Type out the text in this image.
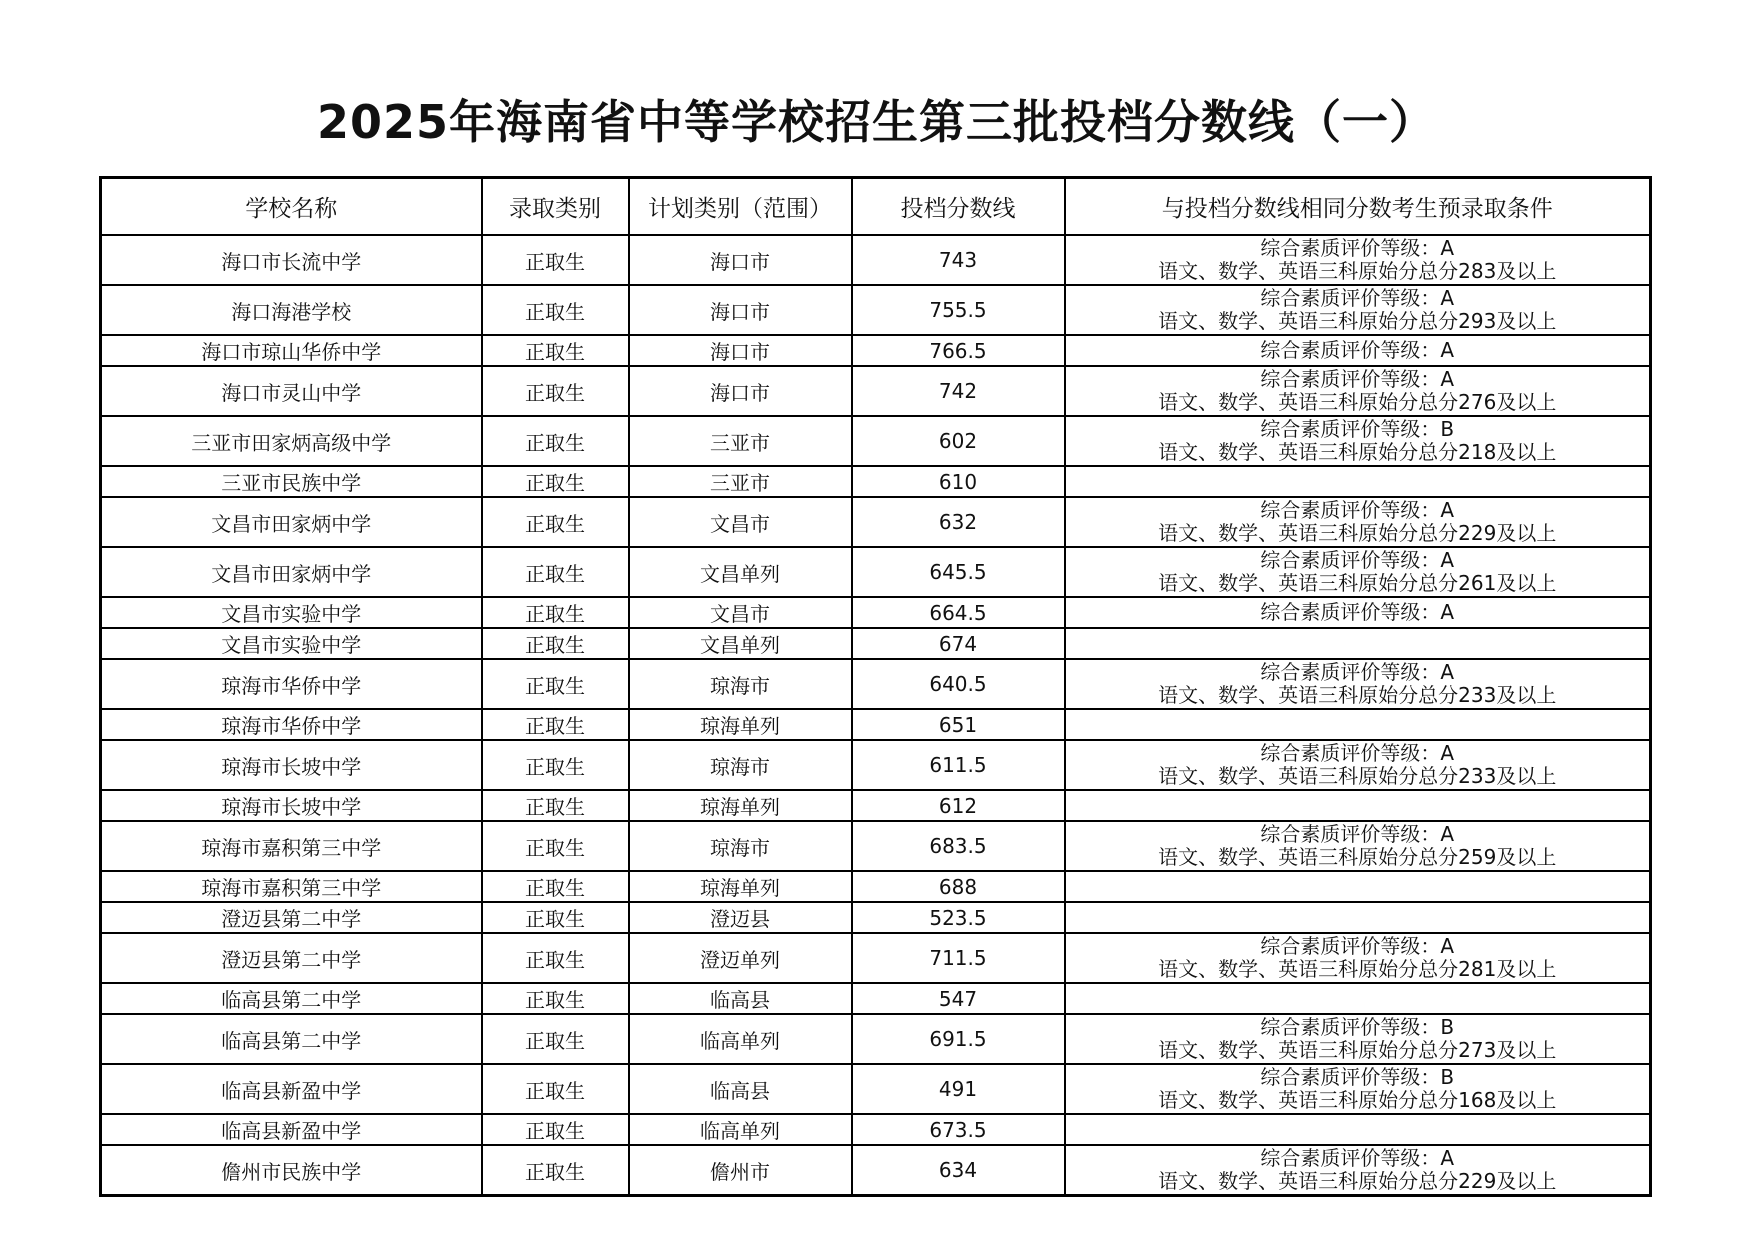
2025年海南省中等学校招生第三批投档分数线（一）
学校名称	录取类别	计划类别（范围）	投档分数线	与投档分数线相同分数考生预录取条件
海口市长流中学	正取生	海口市	743	综合素质评价等级：A
语文、数学、英语三科原始分总分283及以上

海口海港学校	正取生	海口市	755.5	综合素质评价等级：A
语文、数学、英语三科原始分总分293及以上

海口市琼山华侨中学	正取生	海口市	766.5	综合素质评价等级：A

海口市灵山中学	正取生	海口市	742	综合素质评价等级：A
语文、数学、英语三科原始分总分276及以上

三亚市田家炳高级中学	正取生	三亚市	602	综合素质评价等级：B
语文、数学、英语三科原始分总分218及以上

三亚市民族中学	正取生	三亚市	610	
文昌市田家炳中学	正取生	文昌市	632	综合素质评价等级：A
语文、数学、英语三科原始分总分229及以上

文昌市田家炳中学	正取生	文昌单列	645.5	综合素质评价等级：A
语文、数学、英语三科原始分总分261及以上

文昌市实验中学	正取生	文昌市	664.5	综合素质评价等级：A

文昌市实验中学	正取生	文昌单列	674	
琼海市华侨中学	正取生	琼海市	640.5	综合素质评价等级：A
语文、数学、英语三科原始分总分233及以上

琼海市华侨中学	正取生	琼海单列	651	
琼海市长坡中学	正取生	琼海市	611.5	综合素质评价等级：A
语文、数学、英语三科原始分总分233及以上

琼海市长坡中学	正取生	琼海单列	612	
琼海市嘉积第三中学	正取生	琼海市	683.5	综合素质评价等级：A
语文、数学、英语三科原始分总分259及以上

琼海市嘉积第三中学	正取生	琼海单列	688	
澄迈县第二中学	正取生	澄迈县	523.5	
澄迈县第二中学	正取生	澄迈单列	711.5	综合素质评价等级：A
语文、数学、英语三科原始分总分281及以上

临高县第二中学	正取生	临高县	547	
临高县第二中学	正取生	临高单列	691.5	综合素质评价等级：B
语文、数学、英语三科原始分总分273及以上

临高县新盈中学	正取生	临高县	491	综合素质评价等级：B
语文、数学、英语三科原始分总分168及以上

临高县新盈中学	正取生	临高单列	673.5	
儋州市民族中学	正取生	儋州市	634	综合素质评价等级：A
语文、数学、英语三科原始分总分229及以上
